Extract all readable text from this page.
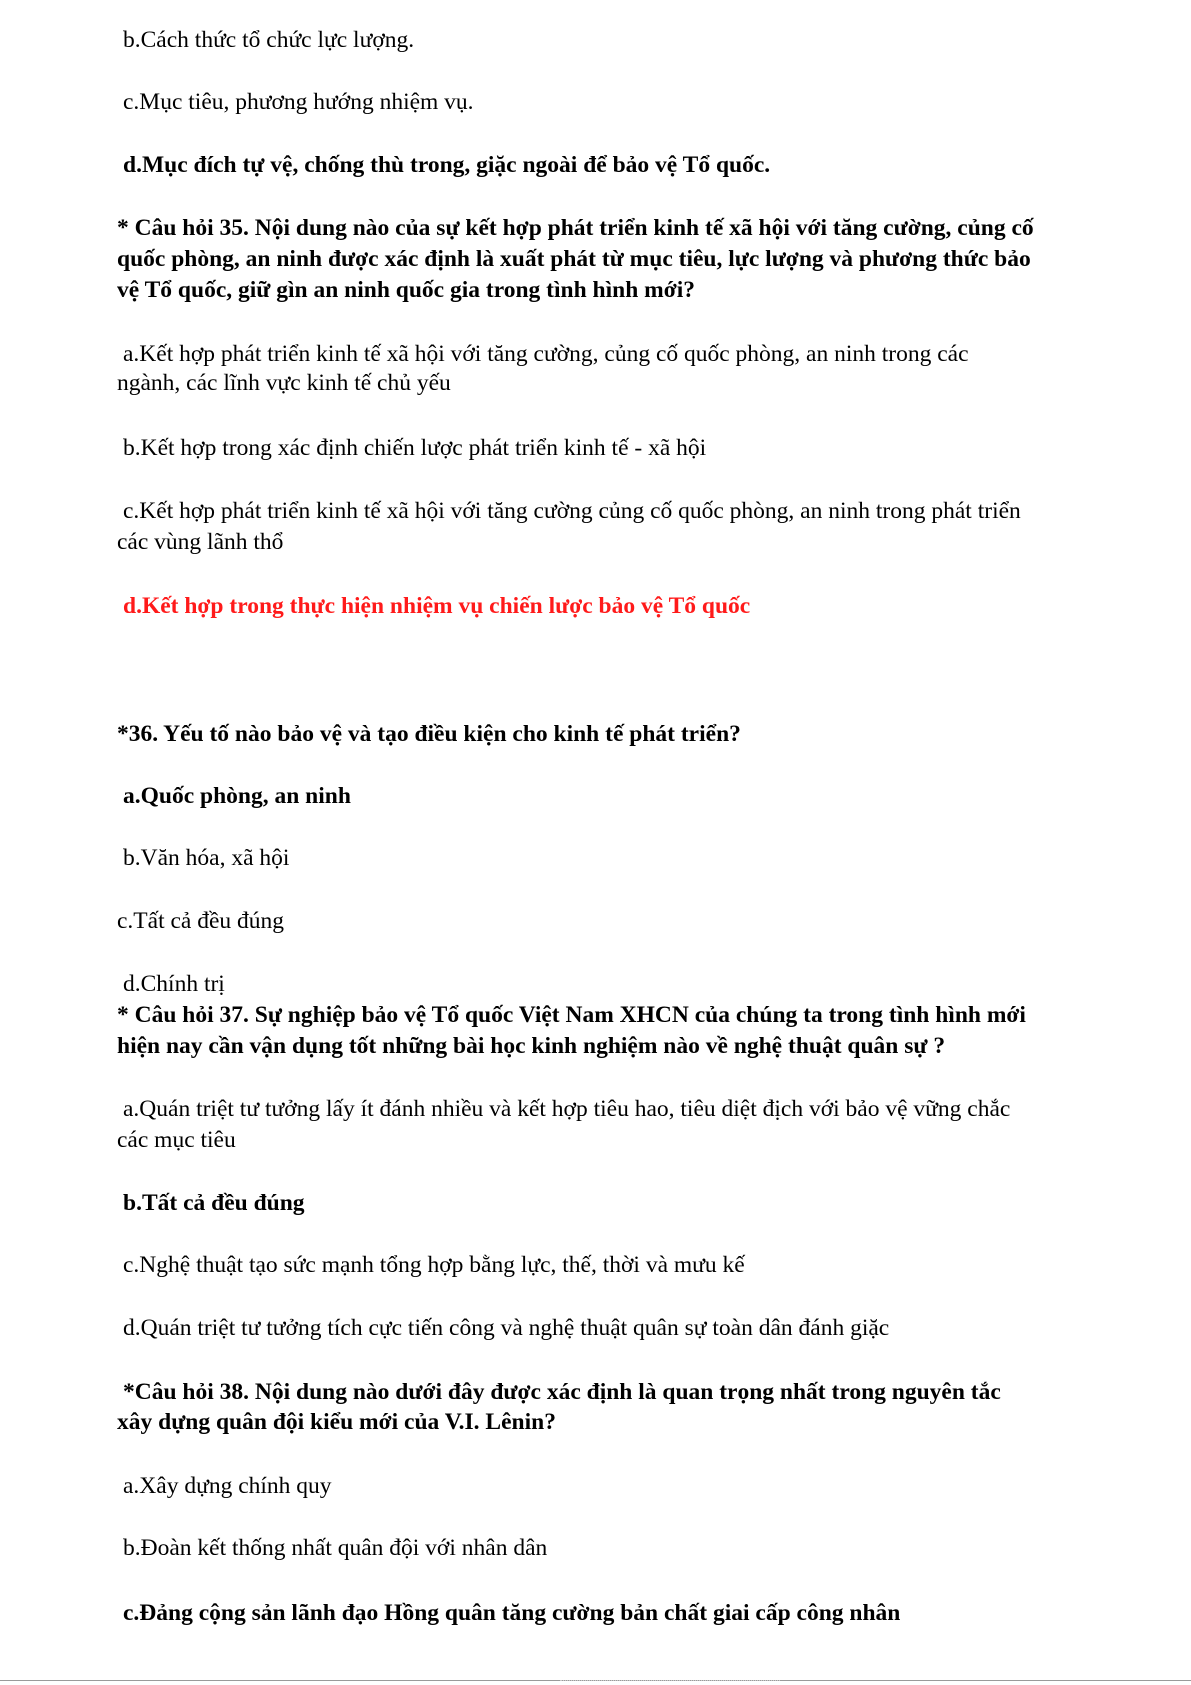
b.Cách thức tổ chức lực lượng.
c.Mục tiêu, phương hướng nhiệm vụ.
d.Mục đích tự vệ, chống thù trong, giặc ngoài để bảo vệ Tổ quốc.
* Câu hỏi 35. Nội dung nào của sự kết hợp phát triển kinh tế xã hội với tăng cường, củng cố
quốc phòng, an ninh được xác định là xuất phát từ mục tiêu, lực lượng và phương thức bảo
vệ Tổ quốc, giữ gìn an ninh quốc gia trong tình hình mới?
a.Kết hợp phát triển kinh tế xã hội với tăng cường, củng cố quốc phòng, an ninh trong các
ngành, các lĩnh vực kinh tế chủ yếu
b.Kết hợp trong xác định chiến lược phát triển kinh tế - xã hội
c.Kết hợp phát triển kinh tế xã hội với tăng cường củng cố quốc phòng, an ninh trong phát triển
các vùng lãnh thổ
d.Kết hợp trong thực hiện nhiệm vụ chiến lược bảo vệ Tổ quốc
*36. Yếu tố nào bảo vệ và tạo điều kiện cho kinh tế phát triển?
a.Quốc phòng, an ninh
b.Văn hóa, xã hội
c.Tất cả đều đúng
d.Chính trị
* Câu hỏi 37. Sự nghiệp bảo vệ Tổ quốc Việt Nam XHCN của chúng ta trong tình hình mới
hiện nay cần vận dụng tốt những bài học kinh nghiệm nào về nghệ thuật quân sự ?
a.Quán triệt tư tưởng lấy ít đánh nhiều và kết hợp tiêu hao, tiêu diệt địch với bảo vệ vững chắc
các mục tiêu
b.Tất cả đều đúng
c.Nghệ thuật tạo sức mạnh tổng hợp bằng lực, thế, thời và mưu kế
d.Quán triệt tư tưởng tích cực tiến công và nghệ thuật quân sự toàn dân đánh giặc
*Câu hỏi 38. Nội dung nào dưới đây được xác định là quan trọng nhất trong nguyên tắc
xây dựng quân đội kiểu mới của V.I. Lênin?
a.Xây dựng chính quy
b.Đoàn kết thống nhất quân đội với nhân dân
c.Đảng cộng sản lãnh đạo Hồng quân tăng cường bản chất giai cấp công nhân
